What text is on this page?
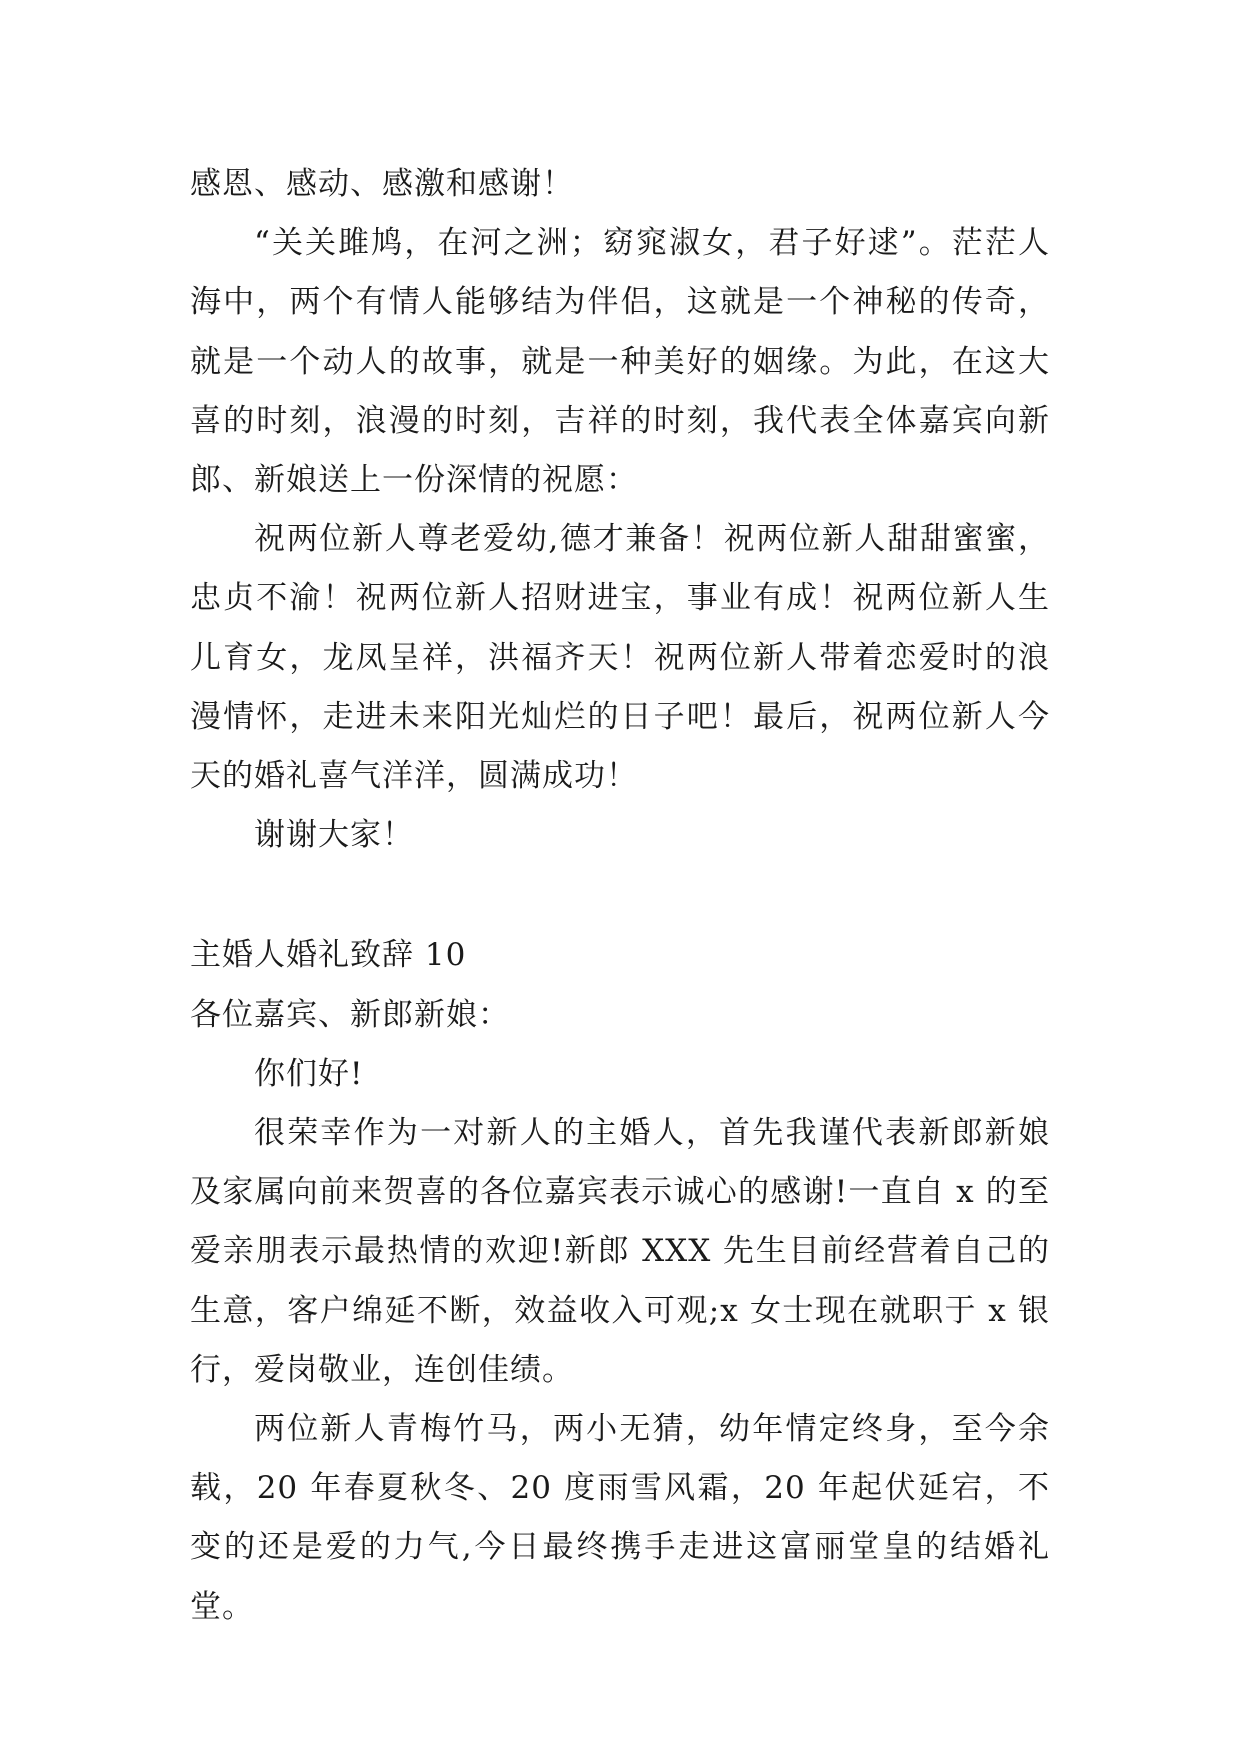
感恩、感动、感激和感谢！

“关关雎鸠，在河之洲；窈窕淑女，君子好逑”。茫茫人海中，两个有情人能够结为伴侣，这就是一个神秘的传奇，就是一个动人的故事，就是一种美好的姻缘。为此，在这大喜的时刻，浪漫的时刻，吉祥的时刻，我代表全体嘉宾向新郎、新娘送上一份深情的祝愿：

祝两位新人尊老爱幼,德才兼备！祝两位新人甜甜蜜蜜，忠贞不渝！祝两位新人招财进宝，事业有成！祝两位新人生儿育女，龙凤呈祥，洪福齐天！祝两位新人带着恋爱时的浪漫情怀，走进未来阳光灿烂的日子吧！最后，祝两位新人今天的婚礼喜气洋洋，圆满成功！

谢谢大家！

主婚人婚礼致辞 10

各位嘉宾、新郎新娘：

你们好!

很荣幸作为一对新人的主婚人，首先我谨代表新郎新娘及家属向前来贺喜的各位嘉宾表示诚心的感谢!一直自 x 的至爱亲朋表示最热情的欢迎!新郎 XXX 先生目前经营着自己的生意，客户绵延不断，效益收入可观;x 女士现在就职于 x 银行，爱岗敬业，连创佳绩。

两位新人青梅竹马，两小无猜，幼年情定终身，至今余载，20 年春夏秋冬、20 度雨雪风霜，20 年起伏延宕，不变的还是爱的力气,今日最终携手走进这富丽堂皇的结婚礼堂。
